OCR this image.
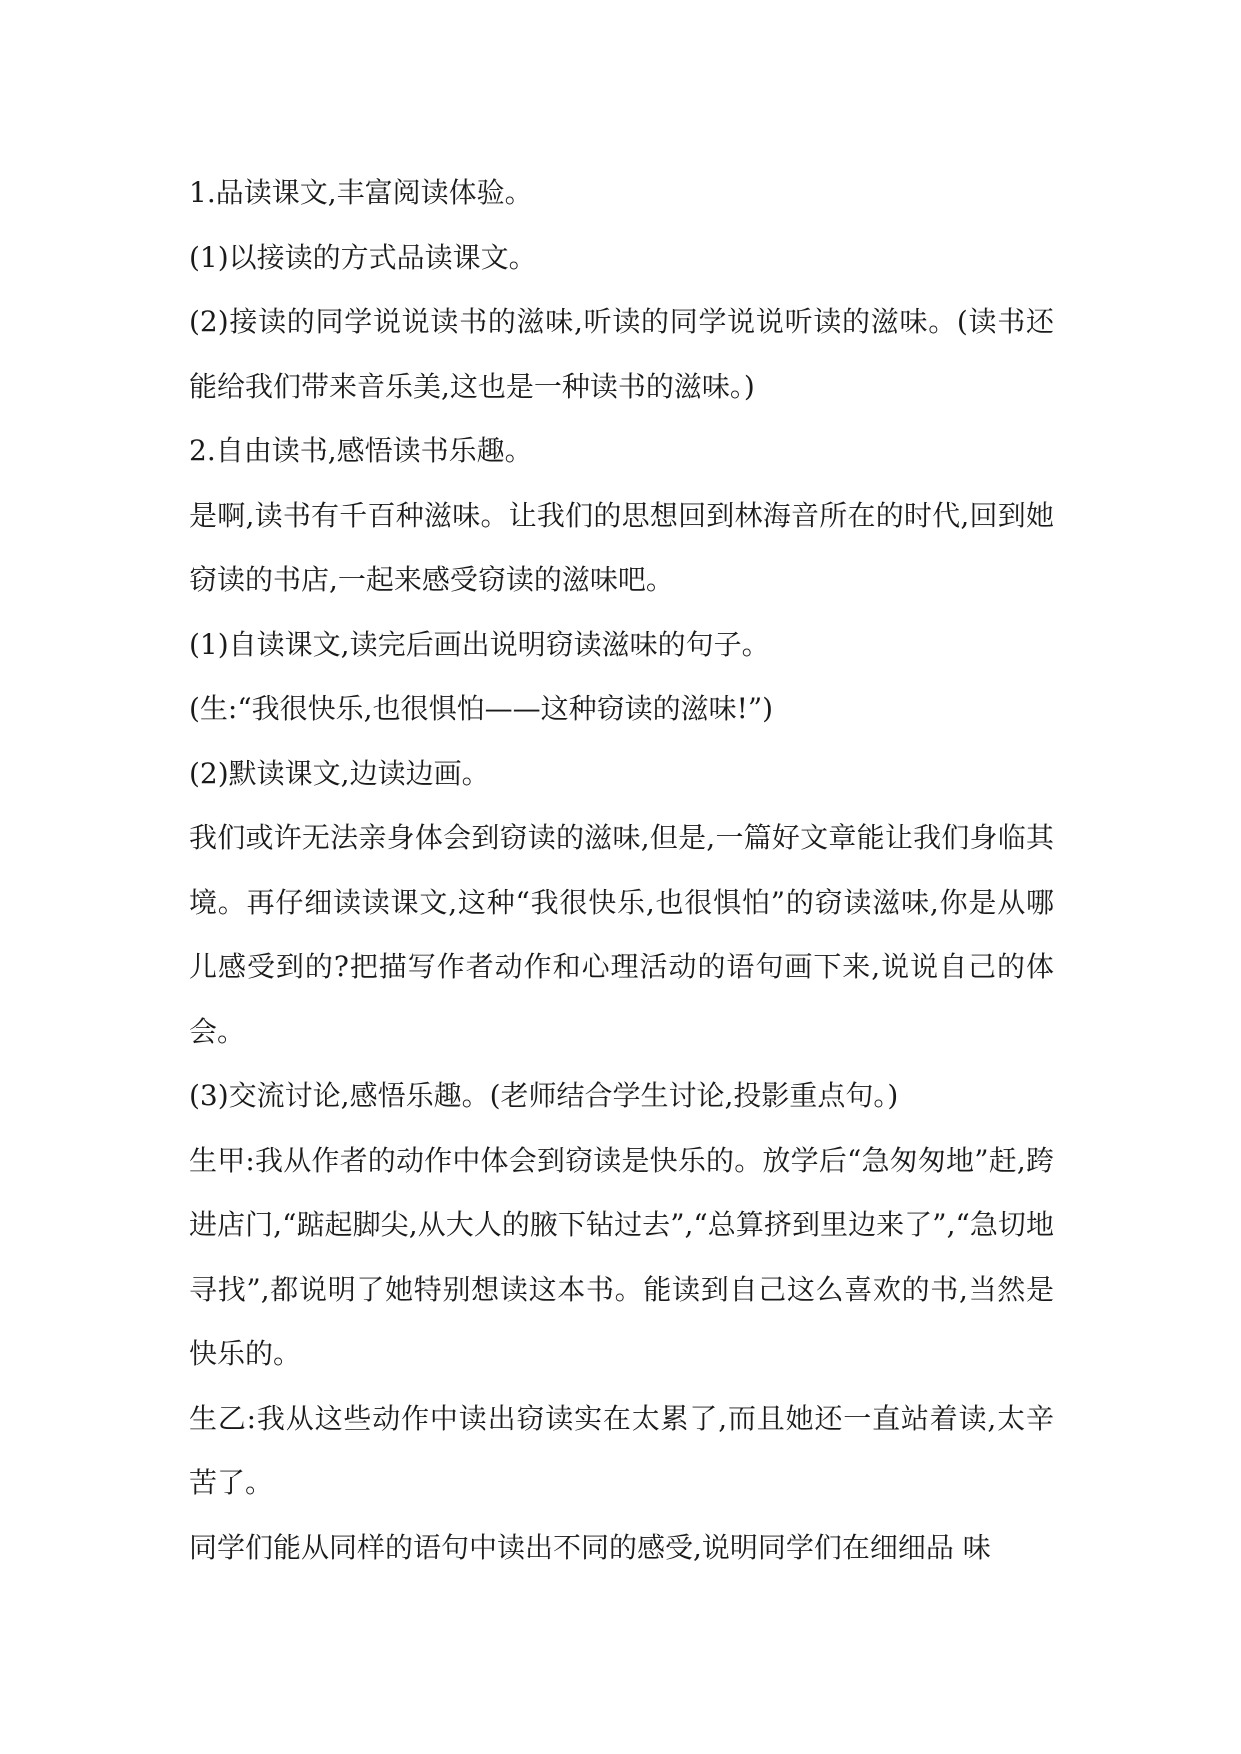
1.品读课文,丰富阅读体验。

(1)以接读的方式品读课文。

(2)接读的同学说说读书的滋味,听读的同学说说听读的滋味。(读书还能给我们带来音乐美,这也是一种读书的滋味。)

2.自由读书,感悟读书乐趣。

是啊,读书有千百种滋味。让我们的思想回到林海音所在的时代,回到她窃读的书店,一起来感受窃读的滋味吧。

(1)自读课文,读完后画出说明窃读滋味的句子。

(生:“我很快乐,也很惧怕——这种窃读的滋味!”)

(2)默读课文,边读边画。

我们或许无法亲身体会到窃读的滋味,但是,一篇好文章能让我们身临其境。再仔细读读课文,这种“我很快乐,也很惧怕”的窃读滋味,你是从哪儿感受到的?把描写作者动作和心理活动的语句画下来,说说自己的体会。

(3)交流讨论,感悟乐趣。(老师结合学生讨论,投影重点句。)

生甲:我从作者的动作中体会到窃读是快乐的。放学后“急匆匆地”赶,跨进店门,“踮起脚尖,从大人的腋下钻过去”,“总算挤到里边来了”,“急切地寻找”,都说明了她特别想读这本书。能读到自己这么喜欢的书,当然是快乐的。

生乙:我从这些动作中读出窃读实在太累了,而且她还一直站着读,太辛苦了。

同学们能从同样的语句中读出不同的感受,说明同学们在细细品 味
